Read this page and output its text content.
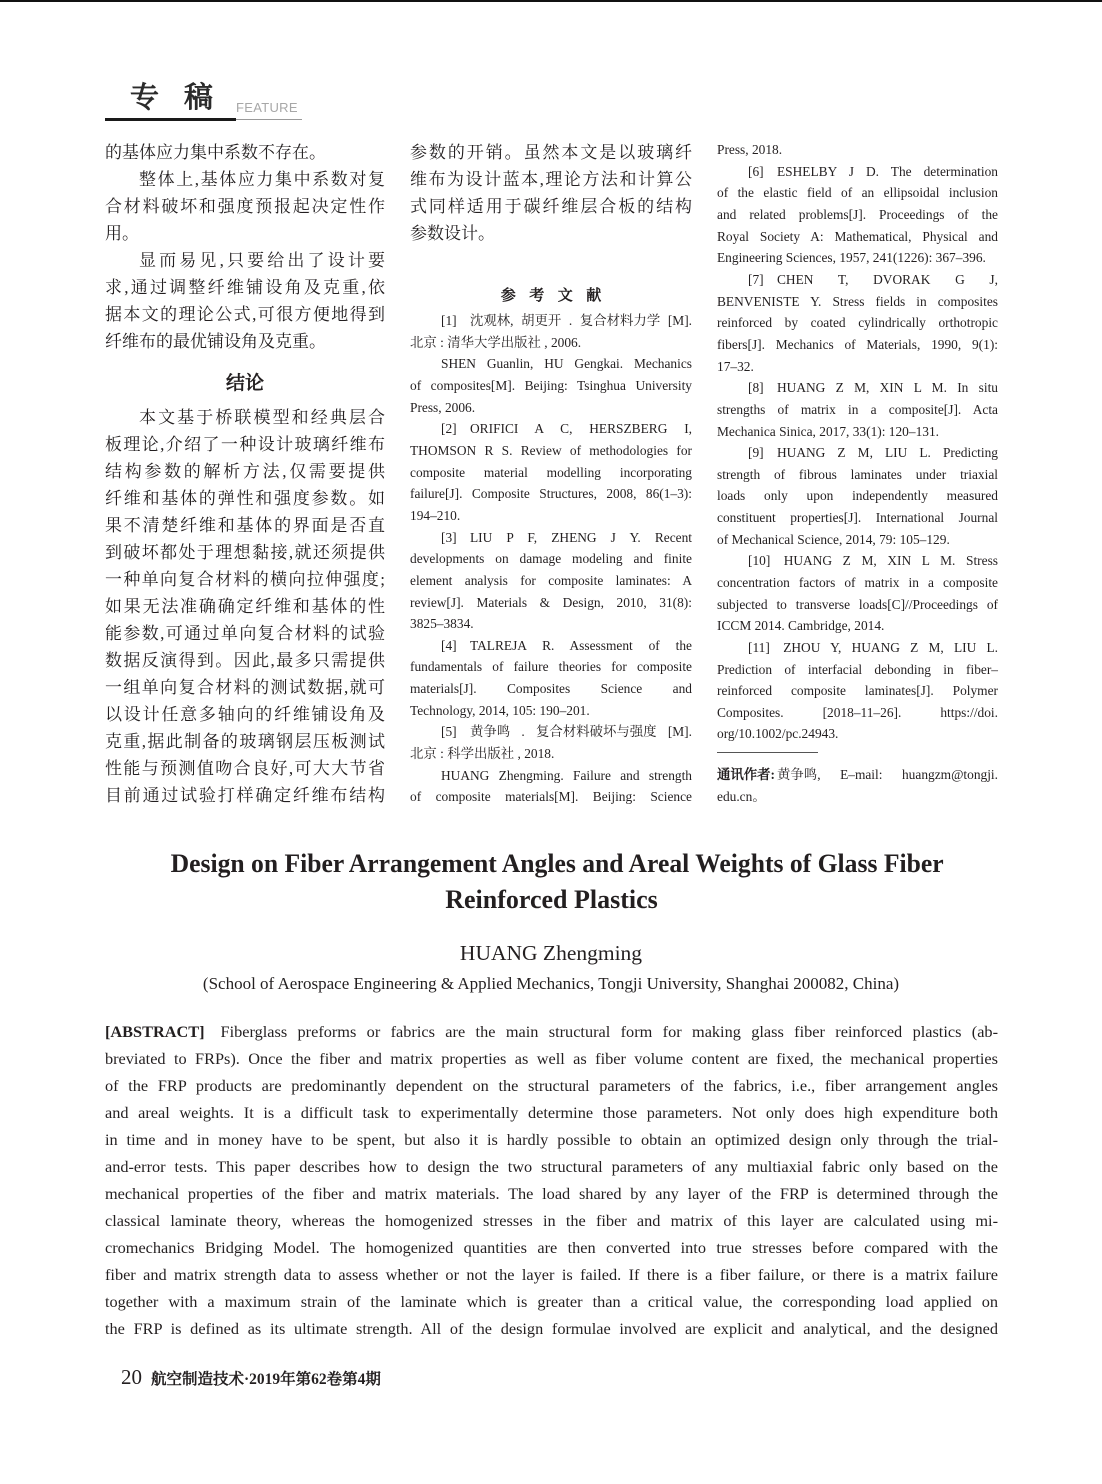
专稿
FEATURE
的基体应力集中系数不存在。
整体上,基体应力集中系数对复
合材料破坏和强度预报起决定性作
用。
显而易见,只要给出了设计要
求,通过调整纤维铺设角及克重,依
据本文的理论公式,可很方便地得到
纤维布的最优铺设角及克重。
结论
本文基于桥联模型和经典层合
板理论,介绍了一种设计玻璃纤维布
结构参数的解析方法,仅需要提供
纤维和基体的弹性和强度参数。如
果不清楚纤维和基体的界面是否直
到破坏都处于理想黏接,就还须提供
一种单向复合材料的横向拉伸强度;
如果无法准确确定纤维和基体的性
能参数,可通过单向复合材料的试验
数据反演得到。因此,最多只需提供
一组单向复合材料的测试数据,就可
以设计任意多轴向的纤维铺设角及
克重,据此制备的玻璃钢层压板测试
性能与预测值吻合良好,可大大节省
目前通过试验打样确定纤维布结构
参数的开销。虽然本文是以玻璃纤
维布为设计蓝本,理论方法和计算公
式同样适用于碳纤维层合板的结构
参数设计。
参考文献
[1] 沈观林, 胡更开 . 复合材料力学 [M].
北京 : 清华大学出版社 , 2006.
SHEN Guanlin, HU Gengkai. Mechanics
of composites[M]. Beijing: Tsinghua University
Press, 2006.
[2] ORIFICI A C, HERSZBERG I,
THOMSON R S. Review of methodologies for
composite material modelling incorporating
failure[J]. Composite Structures, 2008, 86(1–3):
194–210.
[3] LIU P F, ZHENG J Y. Recent
developments on damage modeling and finite
element analysis for composite laminates: A
review[J]. Materials & Design, 2010, 31(8):
3825–3834.
[4] TALREJA R. Assessment of the
fundamentals of failure theories for composite
materials[J]. Composites Science and
Technology, 2014, 105: 190–201.
[5] 黄争鸣 . 复合材料破坏与强度 [M].
北京 : 科学出版社 , 2018.
HUANG Zhengming. Failure and strength
of composite materials[M]. Beijing: Science
Press, 2018.
[6] ESHELBY J D. The determination
of the elastic field of an ellipsoidal inclusion
and related problems[J]. Proceedings of the
Royal Society A: Mathematical, Physical and
Engineering Sciences, 1957, 241(1226): 367–396.
[7] CHEN T, DVORAK G J,
BENVENISTE Y. Stress fields in composites
reinforced by coated cylindrically orthotropic
fibers[J]. Mechanics of Materials, 1990, 9(1):
17–32.
[8] HUANG Z M, XIN L M. In situ
strengths of matrix in a composite[J]. Acta
Mechanica Sinica, 2017, 33(1): 120–131.
[9] HUANG Z M, LIU L. Predicting
strength of fibrous laminates under triaxial
loads only upon independently measured
constituent properties[J]. International Journal
of Mechanical Science, 2014, 79: 105–129.
[10] HUANG Z M, XIN L M. Stress
concentration factors of matrix in a composite
subjected to transverse loads[C]//Proceedings of
ICCM 2014. Cambridge, 2014.
[11] ZHOU Y, HUANG Z M, LIU L.
Prediction of interfacial debonding in fiber–
reinforced composite laminates[J]. Polymer
Composites. [2018–11–26]. https://doi.
org/10.1002/pc.24943.
通讯作者: 黄争鸣, E–mail: huangzm@tongji.
edu.cn。
Design on Fiber Arrangement Angles and Areal Weights of Glass Fiber
Reinforced Plastics
HUANG Zhengming
(School of Aerospace Engineering & Applied Mechanics, Tongji University, Shanghai 200082, China)
[ABSTRACT] Fiberglass preforms or fabrics are the main structural form for making glass fiber reinforced plastics (ab-
breviated to FRPs). Once the fiber and matrix properties as well as fiber volume content are fixed, the mechanical properties
of the FRP products are predominantly dependent on the structural parameters of the fabrics, i.e., fiber arrangement angles
and areal weights. It is a difficult task to experimentally determine those parameters. Not only does high expenditure both
in time and in money have to be spent, but also it is hardly possible to obtain an optimized design only through the trial-
and-error tests. This paper describes how to design the two structural parameters of any multiaxial fabric only based on the
mechanical properties of the fiber and matrix materials. The load shared by any layer of the FRP is determined through the
classical laminate theory, whereas the homogenized stresses in the fiber and matrix of this layer are calculated using mi-
cromechanics Bridging Model. The homogenized quantities are then converted into true stresses before compared with the
fiber and matrix strength data to assess whether or not the layer is failed. If there is a fiber failure, or there is a matrix failure
together with a maximum strain of the laminate which is greater than a critical value, the corresponding load applied on
the FRP is defined as its ultimate strength. All of the design formulae involved are explicit and analytical, and the designed
20 航空制造技术·2019年第62卷第4期
